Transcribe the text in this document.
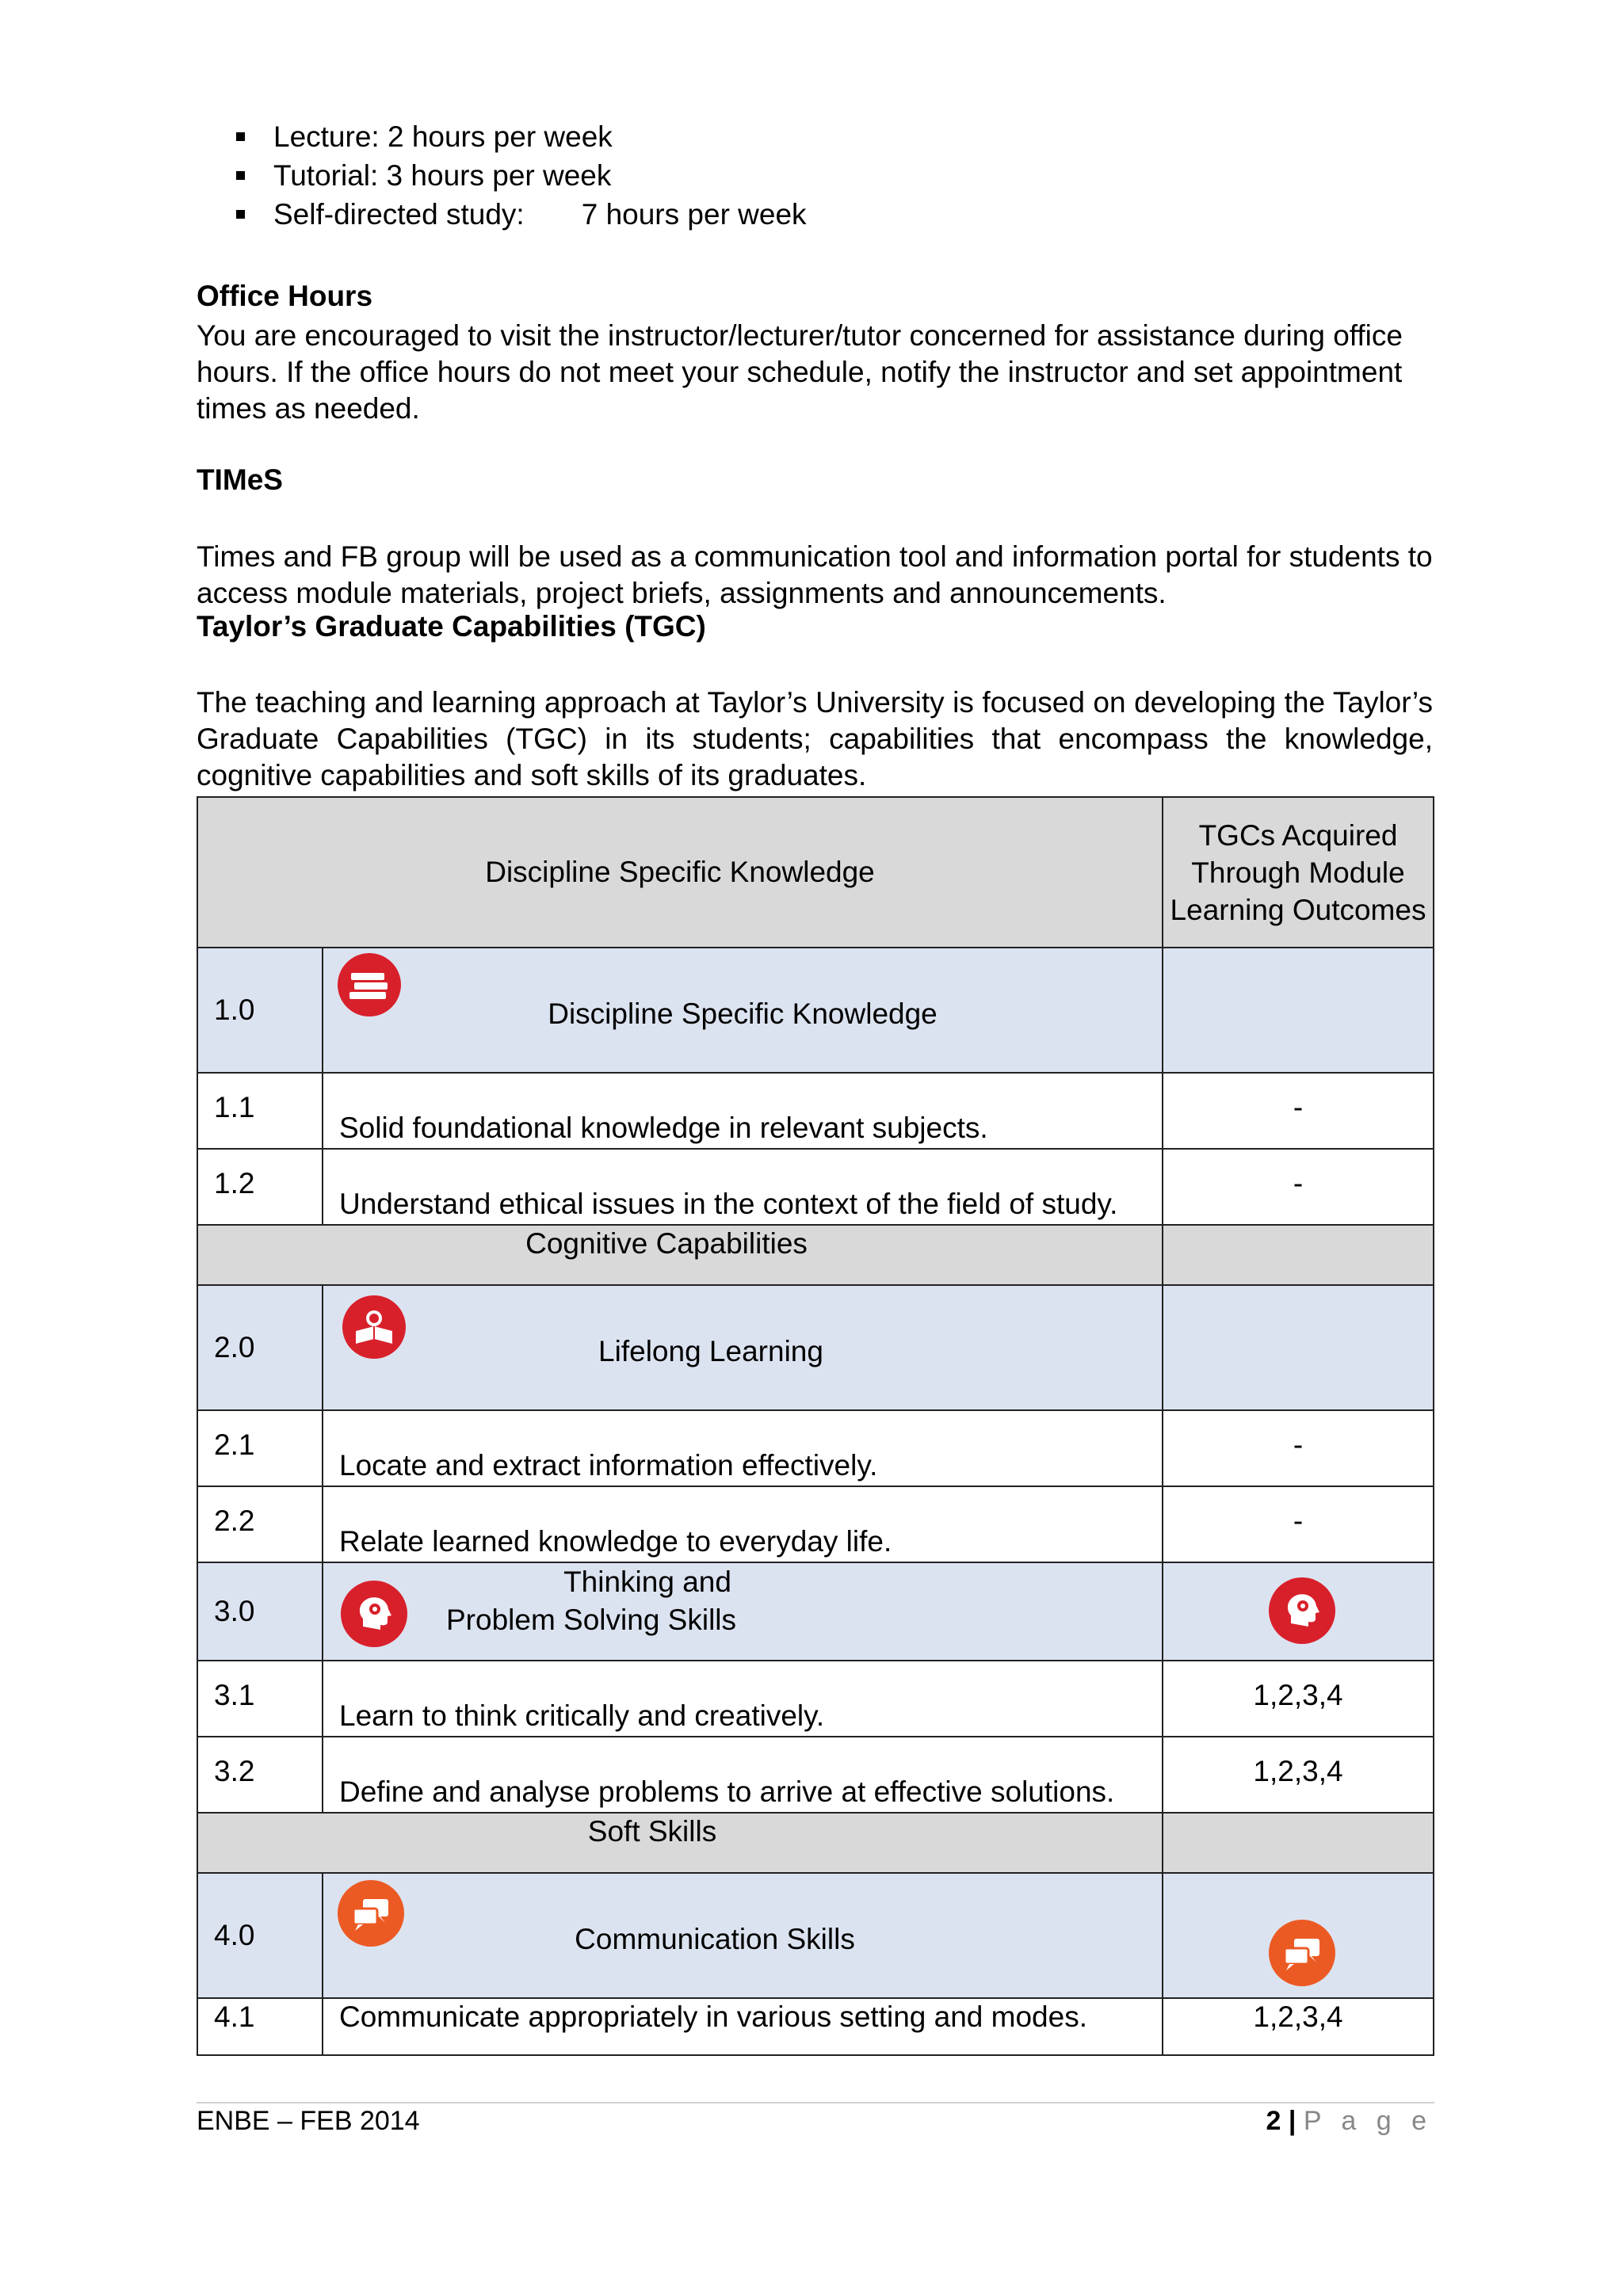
Lecture: 2 hours per week
Tutorial: 3 hours per week
Self-directed study: 7 hours per week

Office Hours

You are encouraged to visit the instructor/lecturer/tutor concerned for assistance during office hours. If the office hours do not meet your schedule, notify the instructor and set appointment times as needed.

TIMeS

Times and FB group will be used as a communication tool and information portal for students to access module materials, project briefs, assignments and announcements.

Taylor’s Graduate Capabilities (TGC)

The teaching and learning approach at Taylor’s University is focused on developing the Taylor’s Graduate Capabilities (TGC) in its students; capabilities that encompass the knowledge, cognitive capabilities and soft skills of its graduates.

Discipline Specific Knowledge		TGCs Acquired Through Module Learning Outcomes
1.0	Discipline Specific Knowledge	

1.1	Solid foundational knowledge in relevant subjects.	-
1.2	Understand ethical issues in the context of the field of study.	-
Cognitive Capabilities		
2.0	Lifelong Learning	

2.1	Locate and extract information effectively.	-
2.2	Relate learned knowledge to everyday life.	-
3.0	Thinking and
Problem Solving Skills

3.1	Learn to think critically and creatively.	1,2,3,4
3.2	Define and analyse problems to arrive at effective solutions.	1,2,3,4
Soft Skills		
4.0	Communication Skills

4.1	Communicate appropriately in various setting and modes.	1,2,3,4
ENBE – FEB 2014	2 | P a g e
